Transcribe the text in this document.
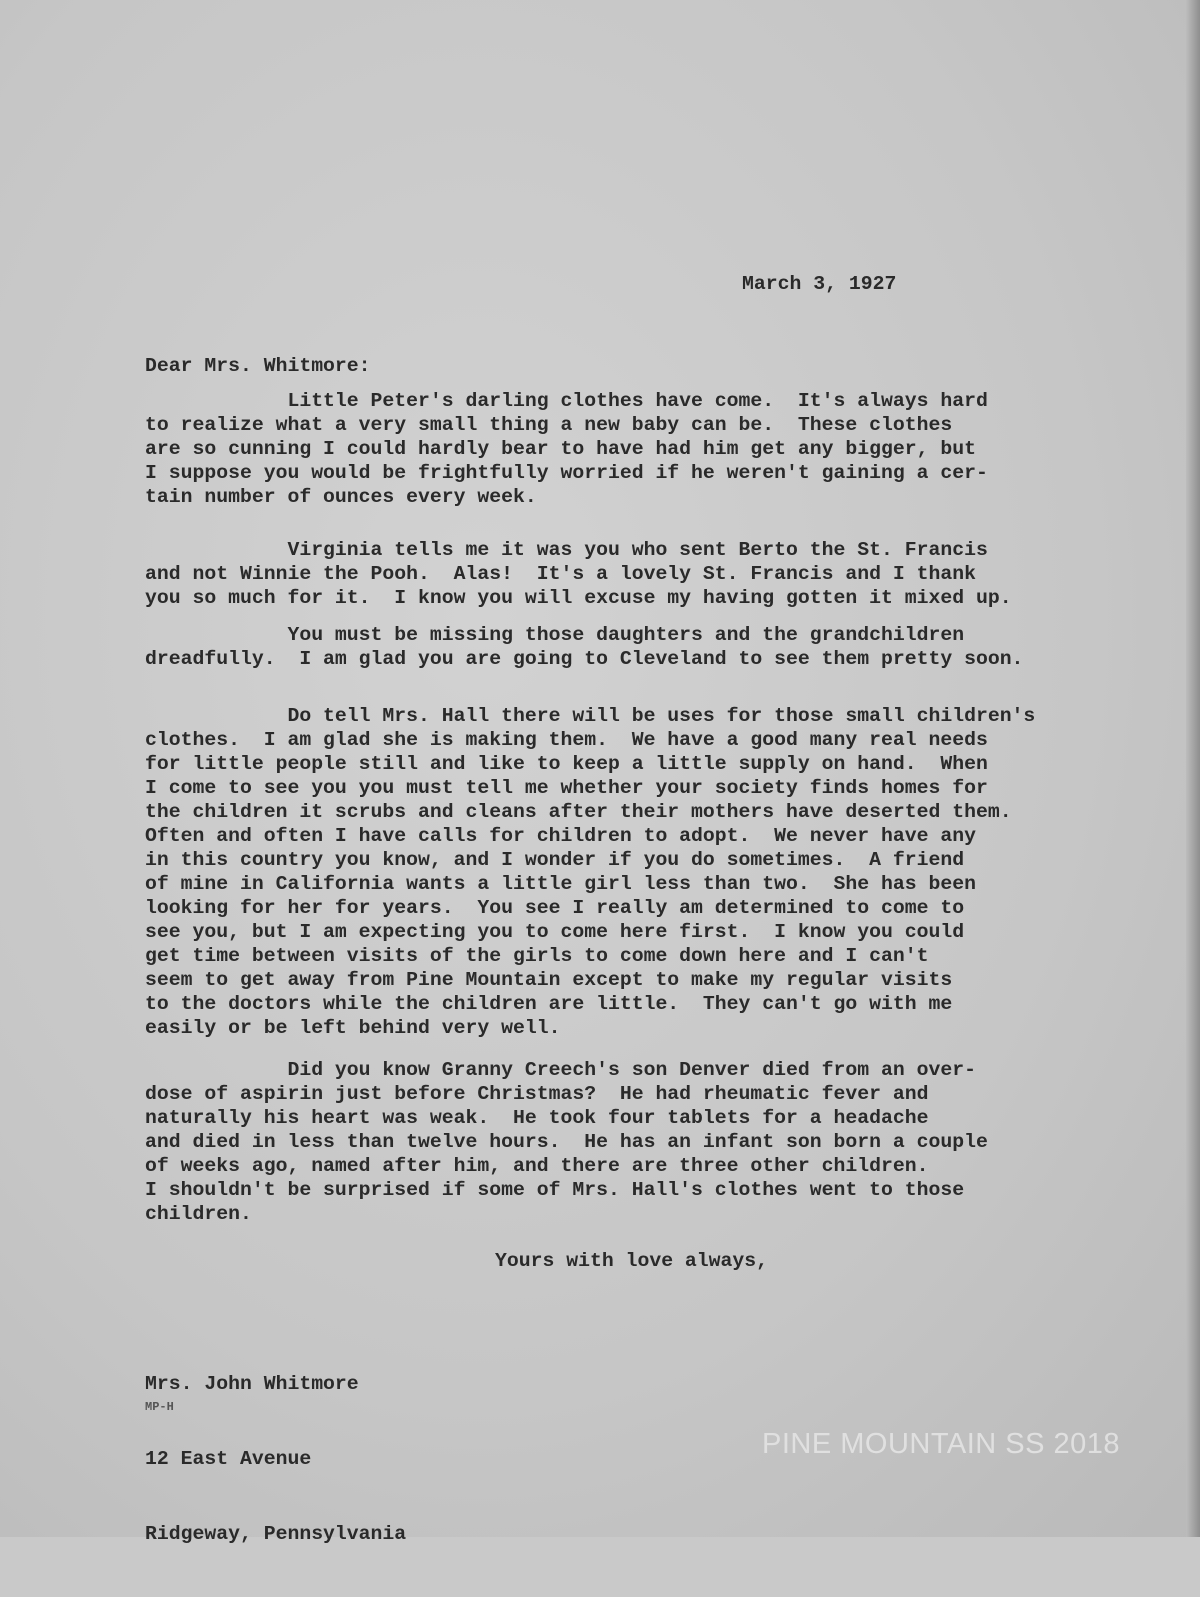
March 3, 1927
Dear Mrs. Whitmore:
Little Peter's darling clothes have come.  It's always hard
to realize what a very small thing a new baby can be.  These clothes
are so cunning I could hardly bear to have had him get any bigger, but
I suppose you would be frightfully worried if he weren't gaining a cer-
tain number of ounces every week.
Virginia tells me it was you who sent Berto the St. Francis
and not Winnie the Pooh.  Alas!  It's a lovely St. Francis and I thank
you so much for it.  I know you will excuse my having gotten it mixed up.
You must be missing those daughters and the grandchildren
dreadfully.  I am glad you are going to Cleveland to see them pretty soon.
Do tell Mrs. Hall there will be uses for those small children's
clothes.  I am glad she is making them.  We have a good many real needs
for little people still and like to keep a little supply on hand.  When
I come to see you you must tell me whether your society finds homes for
the children it scrubs and cleans after their mothers have deserted them.
Often and often I have calls for children to adopt.  We never have any
in this country you know, and I wonder if you do sometimes.  A friend
of mine in California wants a little girl less than two.  She has been
looking for her for years.  You see I really am determined to come to
see you, but I am expecting you to come here first.  I know you could
get time between visits of the girls to come down here and I can't
seem to get away from Pine Mountain except to make my regular visits
to the doctors while the children are little.  They can't go with me
easily or be left behind very well.
Did you know Granny Creech's son Denver died from an over-
dose of aspirin just before Christmas?  He had rheumatic fever and
naturally his heart was weak.  He took four tablets for a headache
and died in less than twelve hours.  He has an infant son born a couple
of weeks ago, named after him, and there are three other children.
I shouldn't be surprised if some of Mrs. Hall's clothes went to those
children.
Yours with love always,

Mrs. John Whitmore

12 East Avenue

Ridgeway, Pennsylvania

MP-H
PINE MOUNTAIN SS 2018
